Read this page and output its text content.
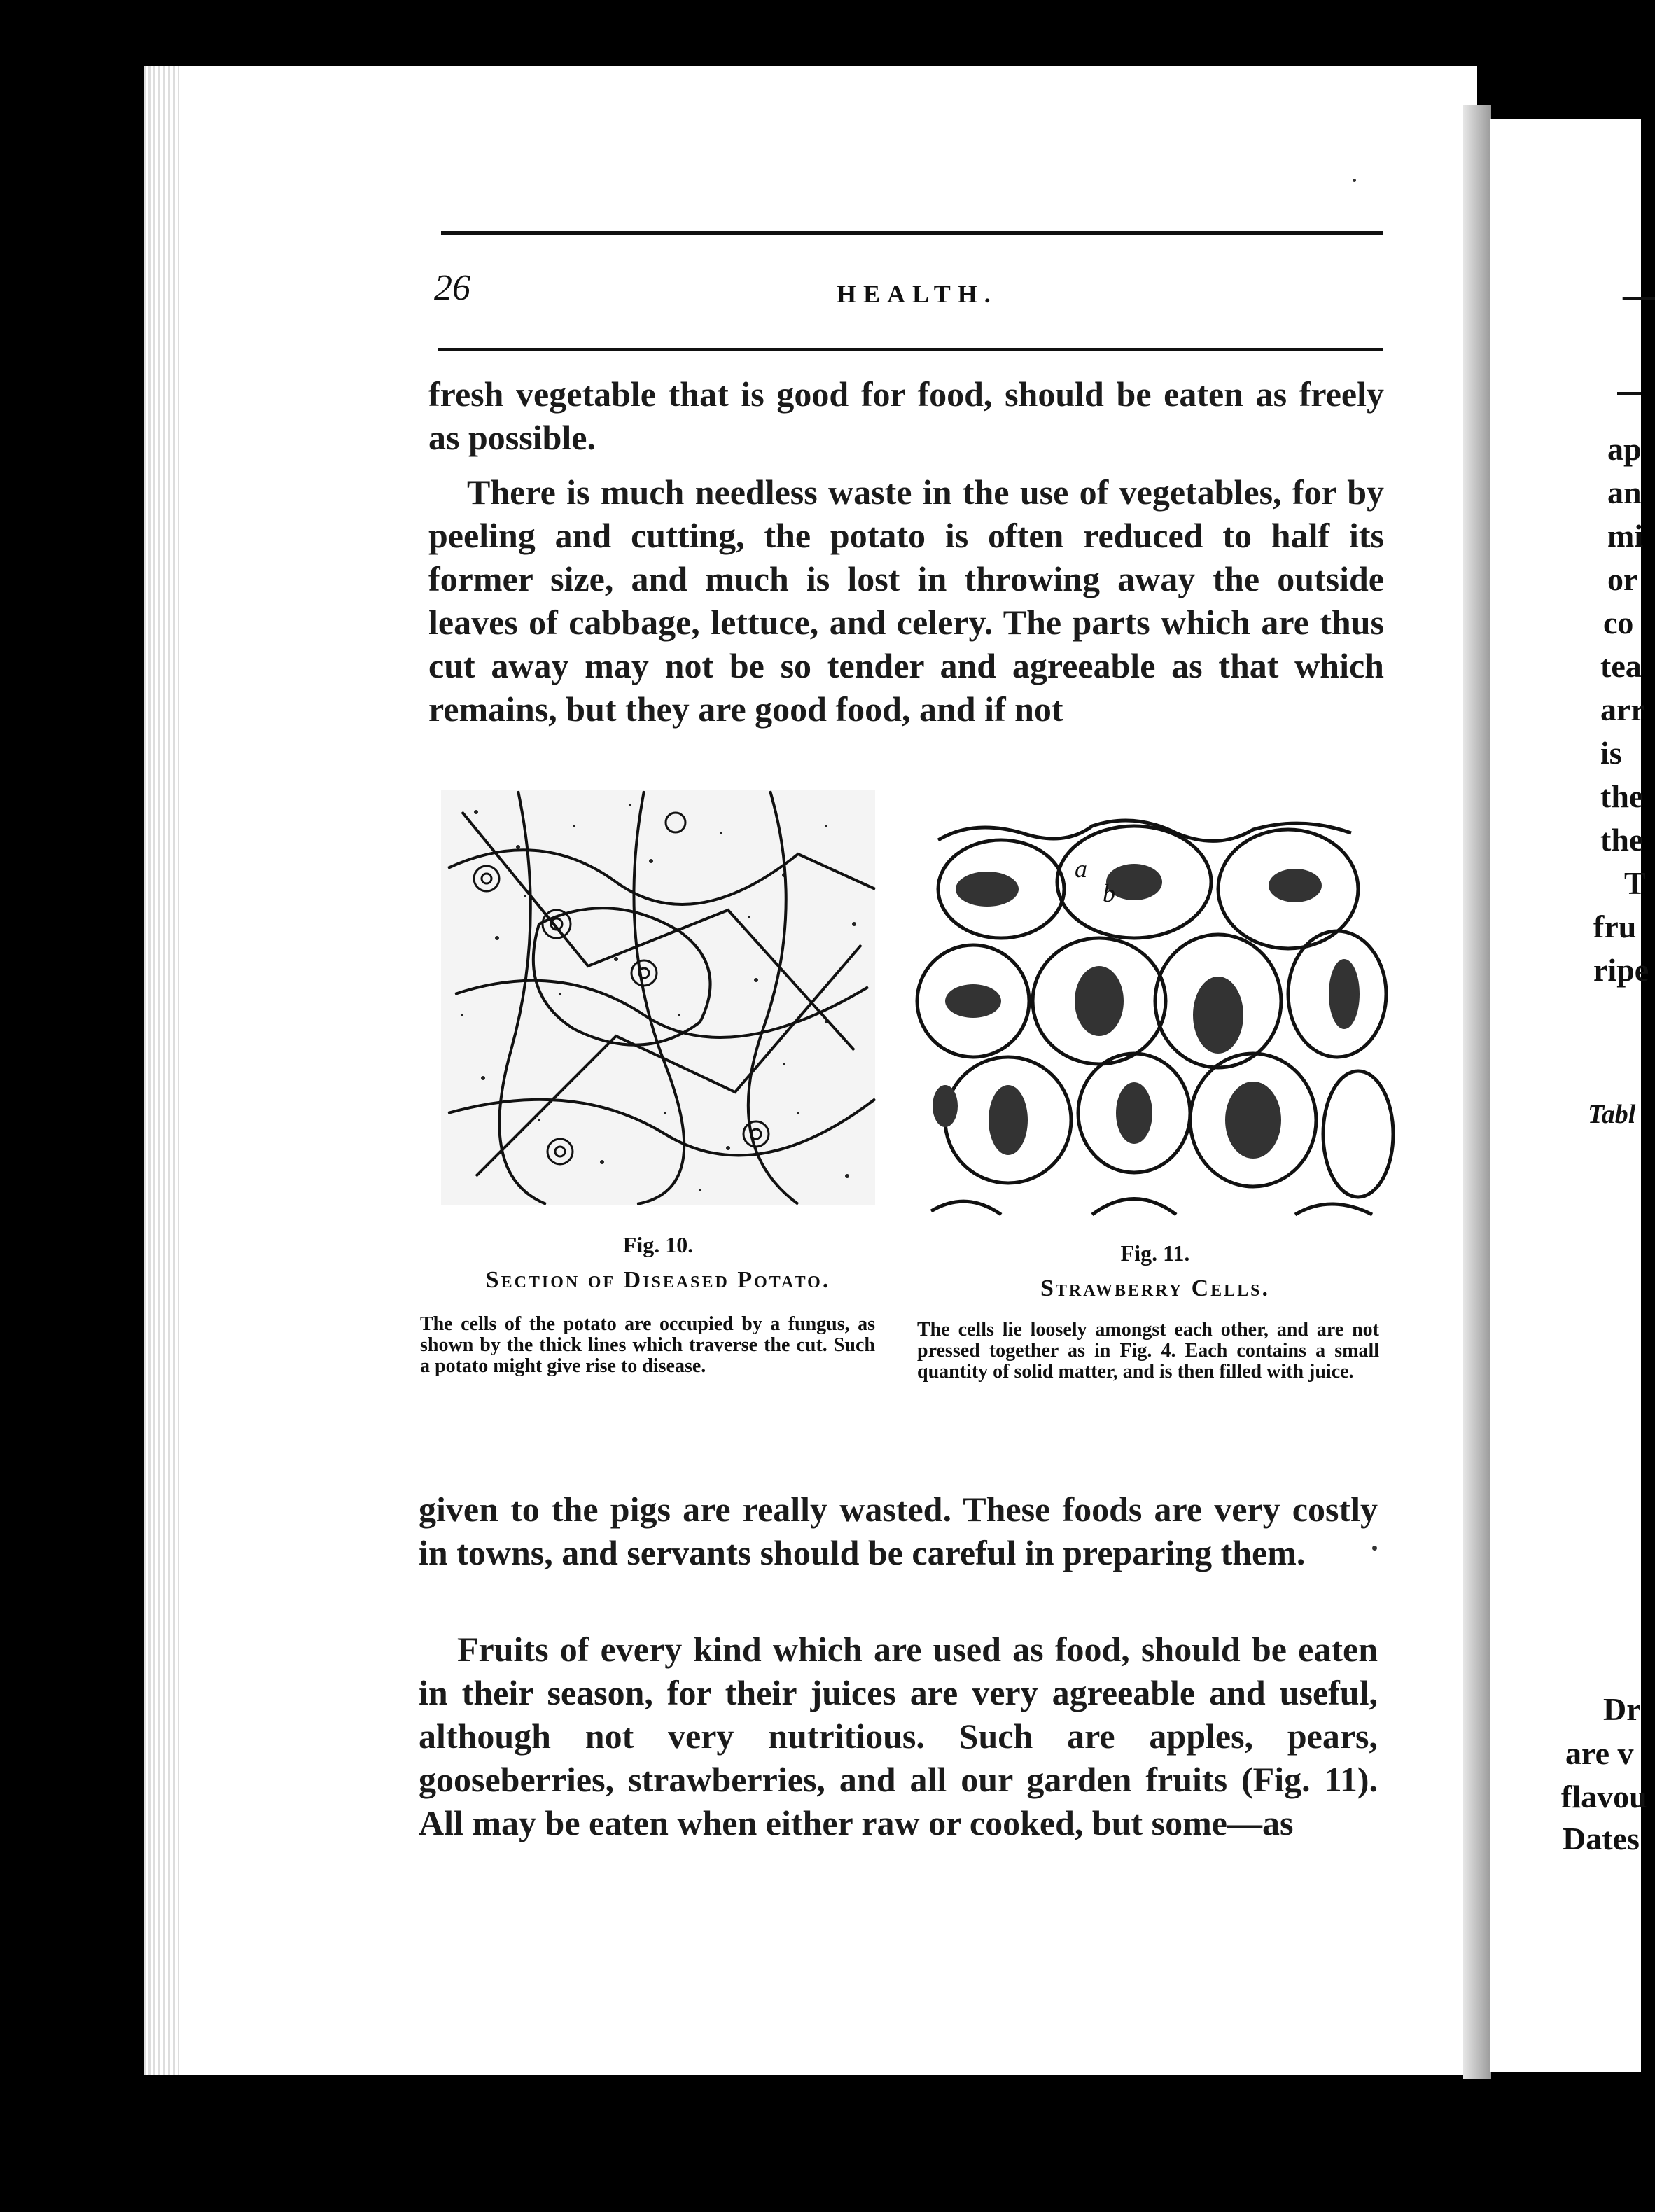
26	HEALTH.
fresh vegetable that is good for food, should be eaten as freely as possible.
There is much needless waste in the use of vegetables, for by peeling and cutting, the potato is often reduced to half its former size, and much is lost in throwing away the outside leaves of cabbage, lettuce, and celery. The parts which are thus cut away may not be so tender and agreeable as that which remains, but they are good food, and if not
Fig. 10.
Section of Diseased Potato.
The cells of the potato are occupied by a fungus, as shown by the thick lines which traverse the cut. Such a potato might give rise to disease.
a
b
Fig. 11.
Strawberry Cells.
The cells lie loosely amongst each other, and are not pressed together as in Fig. 4. Each contains a small quantity of solid matter, and is then filled with juice.
given to the pigs are really wasted. These foods are very costly in towns, and servants should be careful in preparing them.
Fruits of every kind which are used as food, should be eaten in their season, for their juices are very agreeable and useful, although not very nutritious. Such are apples, pears, gooseberries, strawberries, and all our garden fruits (Fig. 11). All may be eaten when either raw or cooked, but some—as
—
ap
an
mi
or
co
tea
arr
is
the
the
T
fru
ripe
Tabl
Dr
are v
flavou
Dates
